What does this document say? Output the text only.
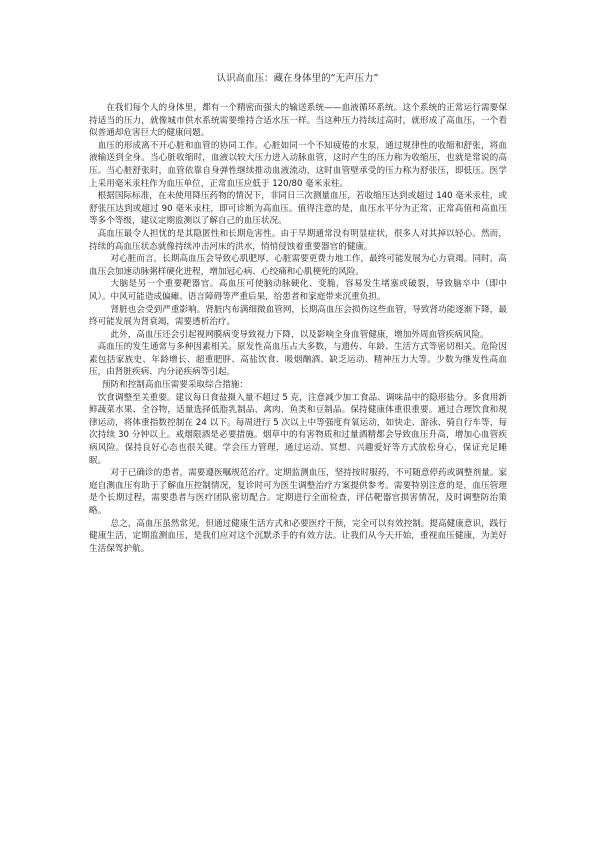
认识高血压：藏在身体里的“无声压力”

在我们每个人的身体里，都有一个精密而强大的输送系统——血液循环系统。这个系统的正常运行需要保持适当的压力，就像城市供水系统需要维持合适水压一样。当这种压力持续过高时，就形成了高血压，一个看似普通却危害巨大的健康问题。

血压的形成离不开心脏和血管的协同工作。心脏如同一个不知疲倦的水泵，通过规律性的收缩和舒张，将血液输送到全身。当心脏收缩时，血液以较大压力进入动脉血管，这时产生的压力称为收缩压，也就是常说的高压。当心脏舒张时，血管依靠自身弹性继续推动血液流动，这时血管壁承受的压力称为舒张压，即低压。医学上采用毫米汞柱作为血压单位，正常血压应低于 120/80 毫米汞柱。

根据国际标准，在未使用降压药物的情况下，非同日三次测量血压，若收缩压达到或超过 140 毫米汞柱，或舒张压达到或超过 90 毫米汞柱，即可诊断为高血压。值得注意的是，血压水平分为正常、正常高值和高血压等多个等级，建议定期监测以了解自己的血压状况。

高血压最令人担忧的是其隐匿性和长期危害性。由于早期通常没有明显症状，很多人对其掉以轻心。然而，持续的高血压状态就像持续冲击河床的洪水，悄悄侵蚀着重要器官的健康。

对心脏而言，长期高血压会导致心肌肥厚，心脏需要更费力地工作，最终可能发展为心力衰竭。同时，高血压会加速动脉粥样硬化进程，增加冠心病、心绞痛和心肌梗死的风险。

大脑是另一个重要靶器官。高血压可使脑动脉硬化、变脆，容易发生堵塞或破裂，导致脑卒中（即中风）。中风可能造成偏瘫、语言障碍等严重后果，给患者和家庭带来沉重负担。

肾脏也会受到严重影响。肾脏内布满细微血管网，长期高血压会损伤这些血管，导致肾功能逐渐下降，最终可能发展为肾衰竭，需要透析治疗。

此外，高血压还会引起视网膜病变导致视力下降，以及影响全身血管健康，增加外周血管疾病风险。

高血压的发生通常与多种因素相关。原发性高血压占大多数，与遗传、年龄、生活方式等密切相关。危险因素包括家族史、年龄增长、超重肥胖、高盐饮食、吸烟酗酒、缺乏运动、精神压力大等。少数为继发性高血压，由肾脏疾病、内分泌疾病等引起。

预防和控制高血压需要采取综合措施：

饮食调整至关重要。建议每日食盐摄入量不超过 5 克，注意减少加工食品、调味品中的隐形盐分。多食用新鲜蔬菜水果、全谷物，适量选择低脂乳制品、禽肉、鱼类和豆制品。保持健康体重很重要。通过合理饮食和规律运动，将体重指数控制在 24 以下。每周进行 5 次以上中等强度有氧运动，如快走、游泳、骑自行车等，每次持续 30 分钟以上。戒烟限酒是必要措施。烟草中的有害物质和过量酒精都会导致血压升高，增加心血管疾病风险。保持良好心态也很关键。学会压力管理，通过运动、冥想、兴趣爱好等方式放松身心，保证充足睡眠。

对于已确诊的患者，需要遵医嘱规范治疗。定期监测血压，坚持按时服药，不可随意停药或调整剂量。家庭自测血压有助于了解血压控制情况，复诊时可为医生调整治疗方案提供参考。需要特别注意的是，血压管理是个长期过程，需要患者与医疗团队密切配合。定期进行全面检查，评估靶器官损害情况，及时调整防治策略。

总之，高血压虽然常见，但通过健康生活方式和必要医疗干预，完全可以有效控制。提高健康意识，践行健康生活，定期监测血压，是我们应对这个沉默杀手的有效方法。让我们从今天开始，重视血压健康，为美好生活保驾护航。
